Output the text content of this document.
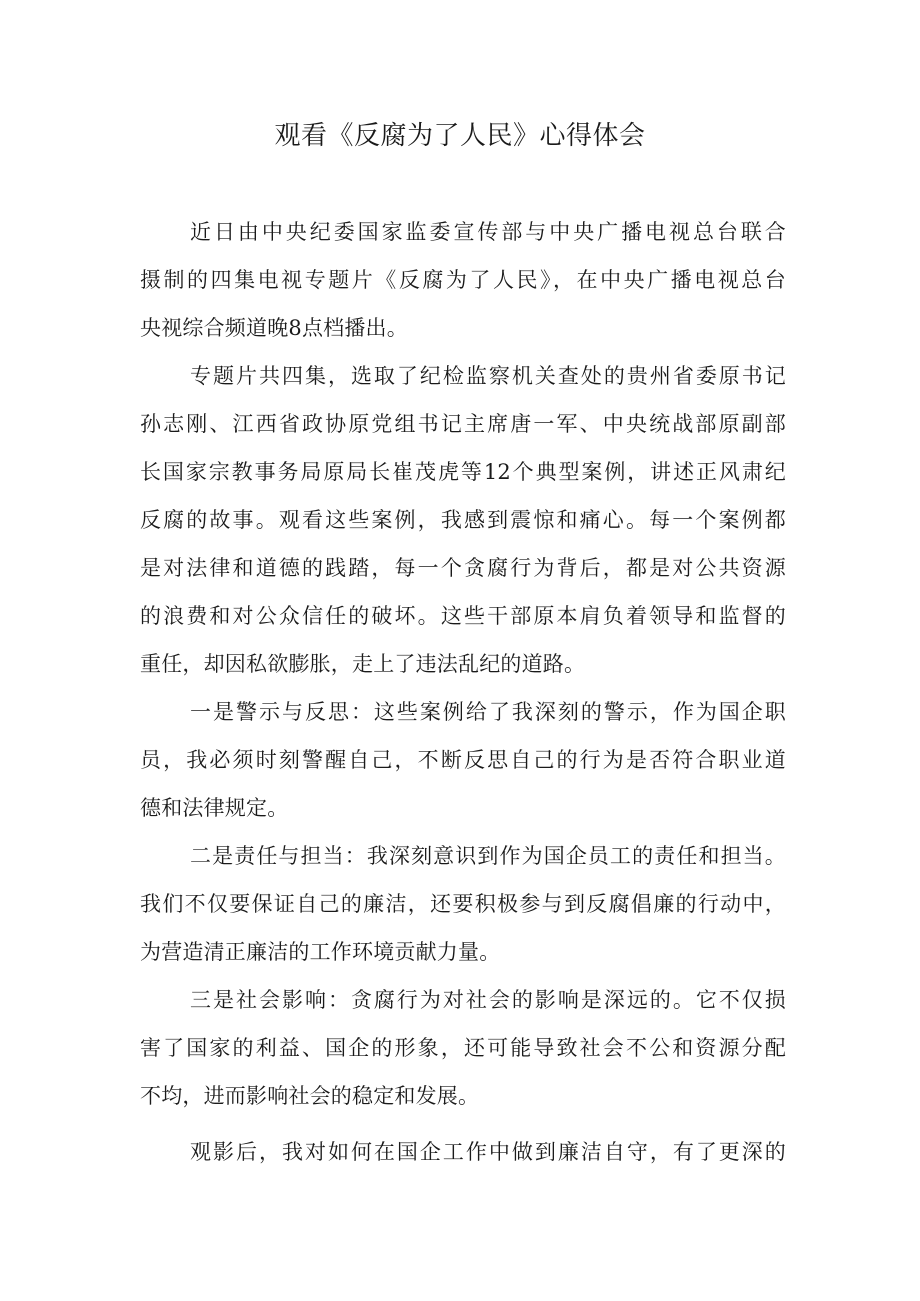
观看《反腐为了人民》心得体会

近日由中央纪委国家监委宣传部与中央广播电视总台联合

摄制的四集电视专题片《反腐为了人民》，在中央广播电视总台

央视综合频道晚8点档播出。

专题片共四集，选取了纪检监察机关查处的贵州省委原书记

孙志刚、江西省政协原党组书记主席唐一军、中央统战部原副部

长国家宗教事务局原局长崔茂虎等12个典型案例，讲述正风肃纪

反腐的故事。观看这些案例，我感到震惊和痛心。每一个案例都

是对法律和道德的践踏，每一个贪腐行为背后，都是对公共资源

的浪费和对公众信任的破坏。这些干部原本肩负着领导和监督的

重任，却因私欲膨胀，走上了违法乱纪的道路。

一是警示与反思：这些案例给了我深刻的警示，作为国企职

员，我必须时刻警醒自己，不断反思自己的行为是否符合职业道

德和法律规定。

二是责任与担当：我深刻意识到作为国企员工的责任和担当。

我们不仅要保证自己的廉洁，还要积极参与到反腐倡廉的行动中，

为营造清正廉洁的工作环境贡献力量。

三是社会影响：贪腐行为对社会的影响是深远的。它不仅损

害了国家的利益、国企的形象，还可能导致社会不公和资源分配

不均，进而影响社会的稳定和发展。

观影后，我对如何在国企工作中做到廉洁自守，有了更深的
